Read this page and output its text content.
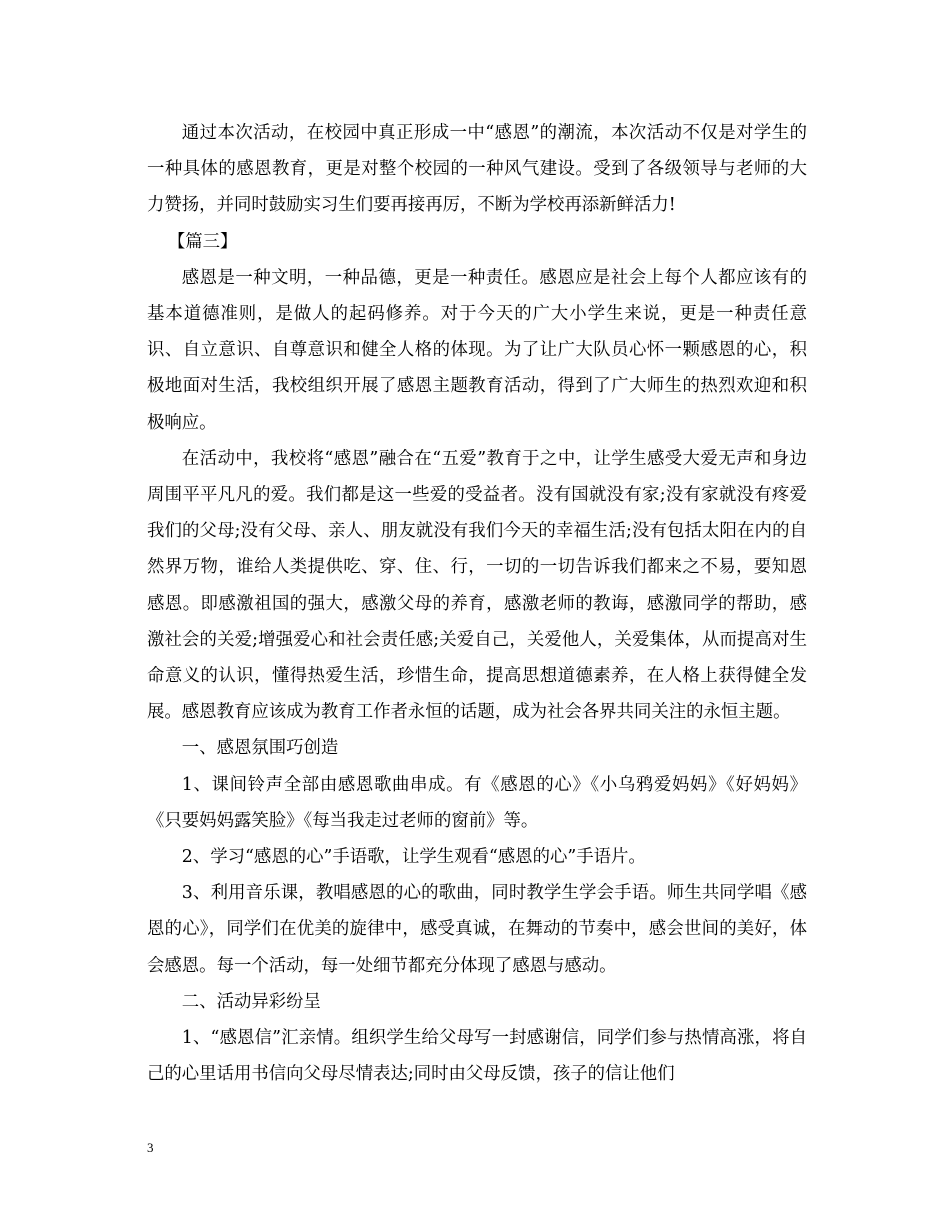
通过本次活动，在校园中真正形成一中“感恩”的潮流，本次活动不仅是对学生的一种具体的感恩教育，更是对整个校园的一种风气建设。受到了各级领导与老师的大力赞扬，并同时鼓励实习生们要再接再厉，不断为学校再添新鲜活力!

【篇三】

感恩是一种文明，一种品德，更是一种责任。感恩应是社会上每个人都应该有的基本道德准则，是做人的起码修养。对于今天的广大小学生来说，更是一种责任意识、自立意识、自尊意识和健全人格的体现。为了让广大队员心怀一颗感恩的心，积极地面对生活，我校组织开展了感恩主题教育活动，得到了广大师生的热烈欢迎和积极响应。

在活动中，我校将“感恩”融合在“五爱”教育于之中，让学生感受大爱无声和身边周围平平凡凡的爱。我们都是这一些爱的受益者。没有国就没有家;没有家就没有疼爱我们的父母;没有父母、亲人、朋友就没有我们今天的幸福生活;没有包括太阳在内的自然界万物，谁给人类提供吃、穿、住、行，一切的一切告诉我们都来之不易，要知恩感恩。即感激祖国的强大，感激父母的养育，感激老师的教诲，感激同学的帮助，感激社会的关爱;增强爱心和社会责任感;关爱自己，关爱他人，关爱集体，从而提高对生命意义的认识，懂得热爱生活，珍惜生命，提高思想道德素养，在人格上获得健全发展。感恩教育应该成为教育工作者永恒的话题，成为社会各界共同关注的永恒主题。

一、感恩氛围巧创造

1、课间铃声全部由感恩歌曲串成。有《感恩的心》《小乌鸦爱妈妈》《好妈妈》《只要妈妈露笑脸》《每当我走过老师的窗前》等。

2、学习“感恩的心”手语歌，让学生观看“感恩的心”手语片。

3、利用音乐课，教唱感恩的心的歌曲，同时教学生学会手语。师生共同学唱《感恩的心》，同学们在优美的旋律中，感受真诚，在舞动的节奏中，感会世间的美好，体会感恩。每一个活动，每一处细节都充分体现了感恩与感动。

二、活动异彩纷呈

1、“感恩信”汇亲情。组织学生给父母写一封感谢信，同学们参与热情高涨，将自己的心里话用书信向父母尽情表达;同时由父母反馈，孩子的信让他们

3
